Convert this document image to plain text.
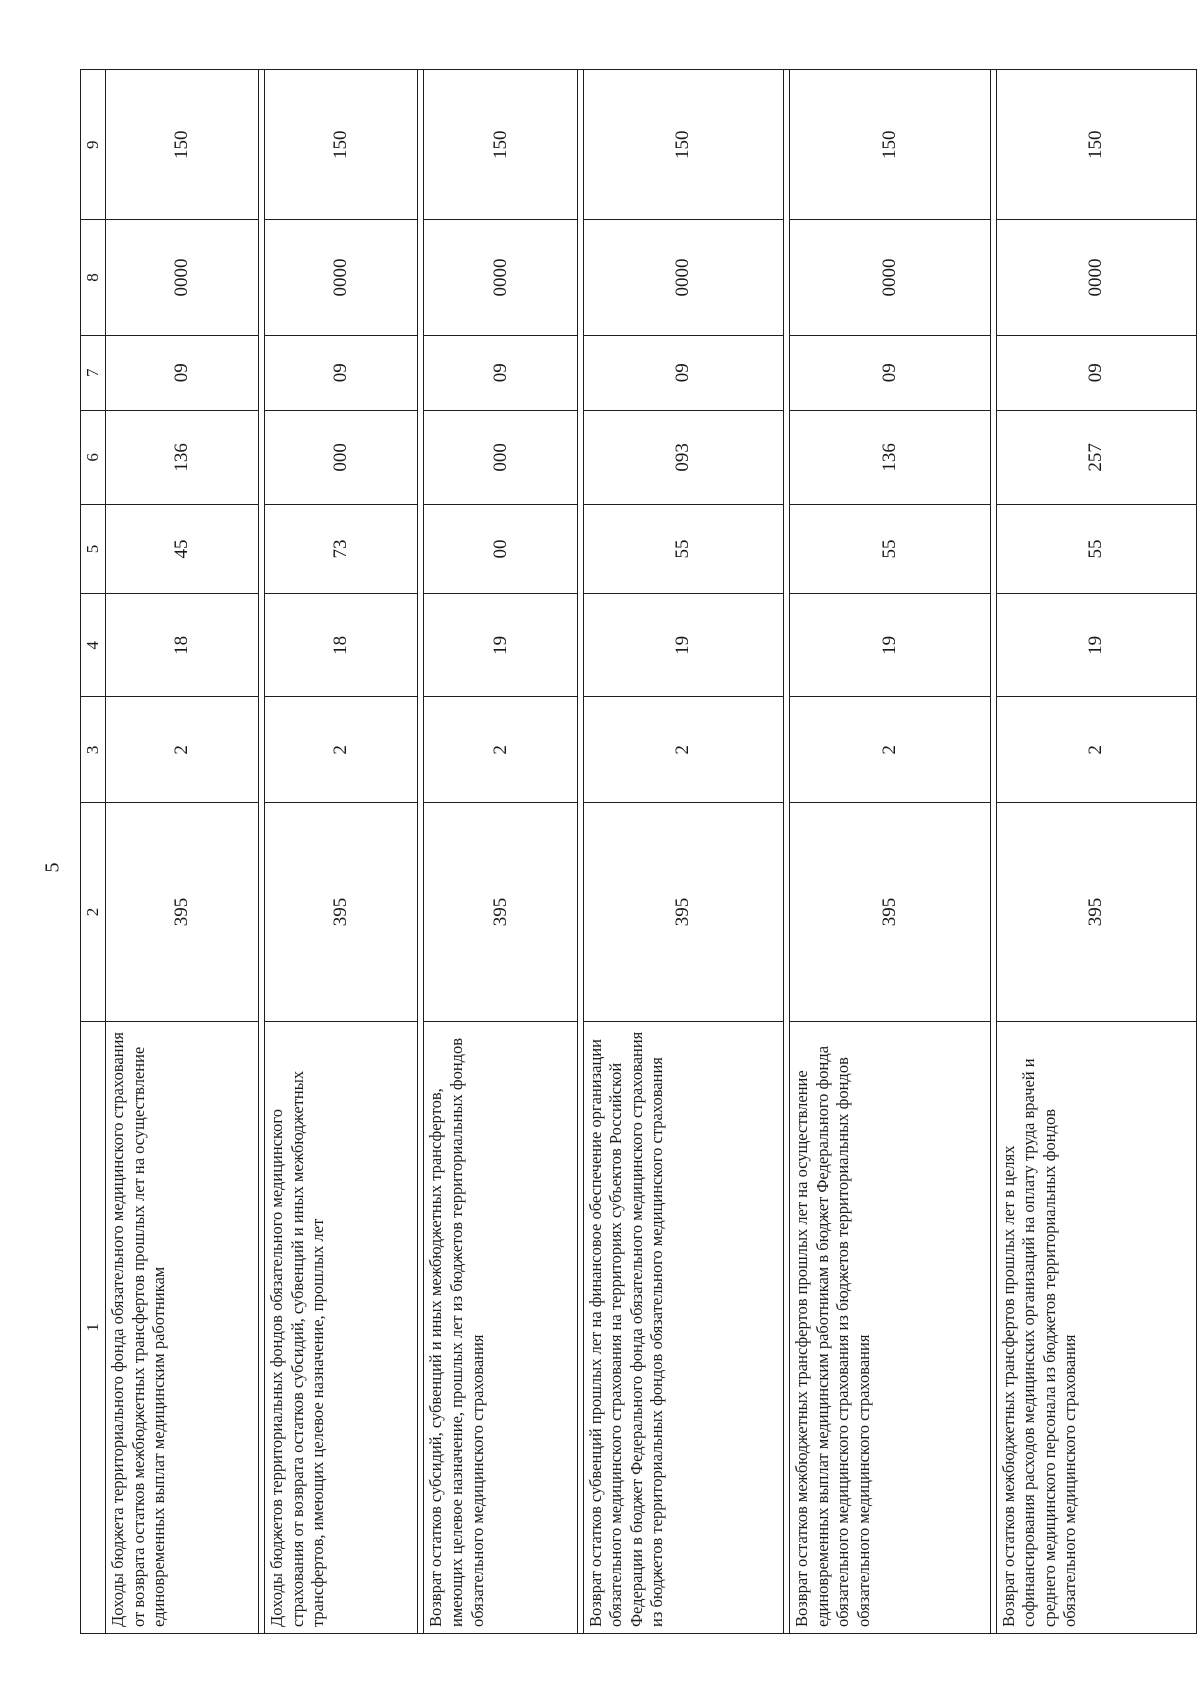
5
1	2	3	4	5	6	7	8	9
Доходы бюджета территориального фонда обязательного медицинского страхования от возврата остатков межбюджетных трансфертов прошлых лет на осуществление единовременных выплат медицинским работникам	395	2	18	45	136	09	0000	150

Доходы бюджетов территориальных фондов обязательного медицинского страхования от возврата остатков субсидий, субвенций и иных межбюджетных трансфертов, имеющих целевое назначение, прошлых лет	395	2	18	73	000	09	0000	150

Возврат остатков субсидий, субвенций и иных межбюджетных трансфертов, имеющих целевое назначение, прошлых лет из бюджетов территориальных фондов обязательного медицинского страхования	395	2	19	00	000	09	0000	150

Возврат остатков субвенций прошлых лет на финансовое обеспечение организации обязательного медицинского страхования на территориях субъектов Российской Федерации в бюджет Федерального фонда обязательного медицинского страхования из бюджетов территориальных фондов обязательного медицинского страхования	395	2	19	55	093	09	0000	150

Возврат остатков межбюджетных трансфертов прошлых лет на осуществление единовременных выплат медицинским работникам в бюджет Федерального фонда обязательного медицинского страхования из бюджетов территориальных фондов обязательного медицинского страхования	395	2	19	55	136	09	0000	150

Возврат остатков межбюджетных трансфертов прошлых лет в целях софинансирования расходов медицинских организаций на оплату труда врачей и среднего медицинского персонала из бюджетов территориальных фондов обязательного медицинского страхования	395	2	19	55	257	09	0000	150
